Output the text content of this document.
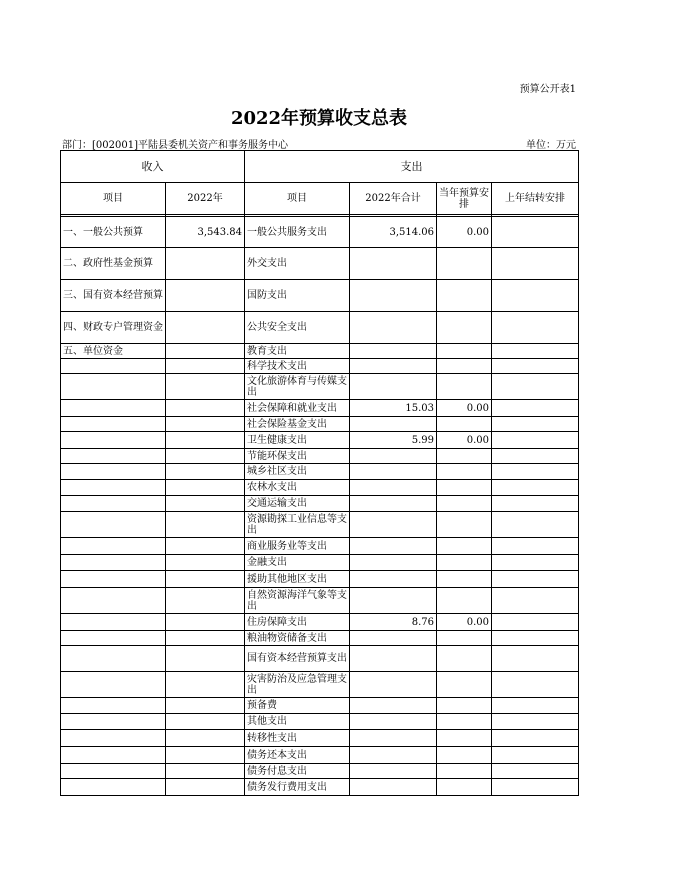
预算公开表1
2022年预算收支总表
部门：[002001]平陆县委机关资产和事务服务中心	单位：万元
收入		支出			
项目	2022年	项目	2022年合计	当年预算安排	上年结转安排

一、一般公共预算	3,543.84	一般公共服务支出	3,514.06	0.00	
二、政府性基金预算		外交支出			
三、国有资本经营预算		国防支出			
四、财政专户管理资金		公共安全支出			
五、单位资金		教育支出			
		科学技术支出			
		文化旅游体育与传媒支出			
		社会保障和就业支出	15.03	0.00	
		社会保险基金支出			
		卫生健康支出	5.99	0.00	
		节能环保支出			
		城乡社区支出			
		农林水支出			
		交通运输支出			
		资源勘探工业信息等支出			
		商业服务业等支出			
		金融支出			
		援助其他地区支出			
		自然资源海洋气象等支出			
		住房保障支出	8.76	0.00	
		粮油物资储备支出			
		国有资本经营预算支出			
		灾害防治及应急管理支出			
		预备费			
		其他支出			
		转移性支出			
		债务还本支出			
		债务付息支出			
		债务发行费用支出			
